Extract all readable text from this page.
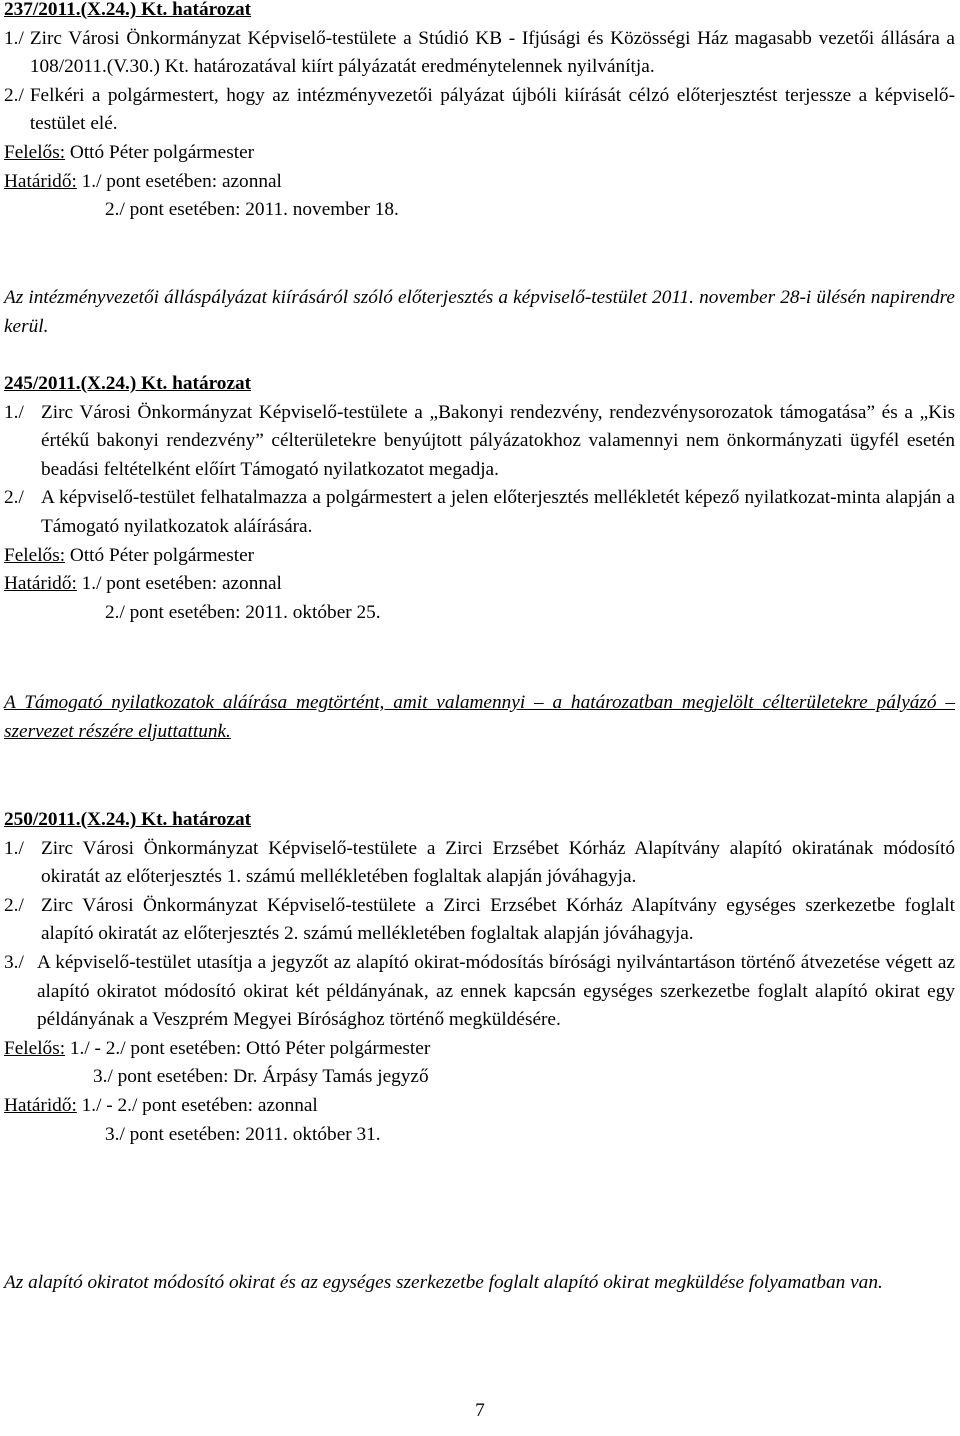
237/2011.(X.24.) Kt. határozat
1./ Zirc Városi Önkormányzat Képviselő-testülete a Stúdió KB - Ifjúsági és Közösségi Ház magasabb vezetői állására a 108/2011.(V.30.) Kt. határozatával kiírt pályázatát eredménytelennek nyilvánítja.
2./ Felkéri a polgármestert, hogy az intézményvezetői pályázat újbóli kiírását célzó előterjesztést terjessze a képviselő-testület elé.
Felelős: Ottó Péter polgármester
Határidő: 1./ pont esetében: azonnal
2./ pont esetében: 2011. november 18.
Az intézményvezetői álláspályázat kiírásáról szóló előterjesztés a képviselő-testület 2011. november 28-i ülésén napirendre kerül.
245/2011.(X.24.) Kt. határozat
1./ Zirc Városi Önkormányzat Képviselő-testülete a „Bakonyi rendezvény, rendezvénysorozatok támogatása” és a „Kis értékű bakonyi rendezvény” célterületekre benyújtott pályázatokhoz valamennyi nem önkormányzati ügyfél esetén beadási feltételként előírt Támogató nyilatkozatot megadja.
2./ A képviselő-testület felhatalmazza a polgármestert a jelen előterjesztés mellékletét képező nyilatkozat-minta alapján a Támogató nyilatkozatok aláírására.
Felelős: Ottó Péter polgármester
Határidő: 1./ pont esetében: azonnal
2./ pont esetében: 2011. október 25.
A Támogató nyilatkozatok aláírása megtörtént, amit valamennyi – a határozatban megjelölt célterületekre pályázó – szervezet részére eljuttattunk.
250/2011.(X.24.) Kt. határozat
1./ Zirc Városi Önkormányzat Képviselő-testülete a Zirci Erzsébet Kórház Alapítvány alapító okiratának módosító okiratát az előterjesztés 1. számú mellékletében foglaltak alapján jóváhagyja.
2./ Zirc Városi Önkormányzat Képviselő-testülete a Zirci Erzsébet Kórház Alapítvány egységes szerkezetbe foglalt alapító okiratát az előterjesztés 2. számú mellékletében foglaltak alapján jóváhagyja.
3./ A képviselő-testület utasítja a jegyzőt az alapító okirat-módosítás bírósági nyilvántartáson történő átvezetése végett az alapító okiratot módosító okirat két példányának, az ennek kapcsán egységes szerkezetbe foglalt alapító okirat egy példányának a Veszprém Megyei Bírósághoz történő megküldésére.
Felelős: 1./ - 2./ pont esetében: Ottó Péter polgármester
3./ pont esetében: Dr. Árpásy Tamás jegyző
Határidő: 1./ - 2./ pont esetében: azonnal
3./ pont esetében: 2011. október 31.
Az alapító okiratot módosító okirat és az egységes szerkezetbe foglalt alapító okirat megküldése folyamatban van.
7
